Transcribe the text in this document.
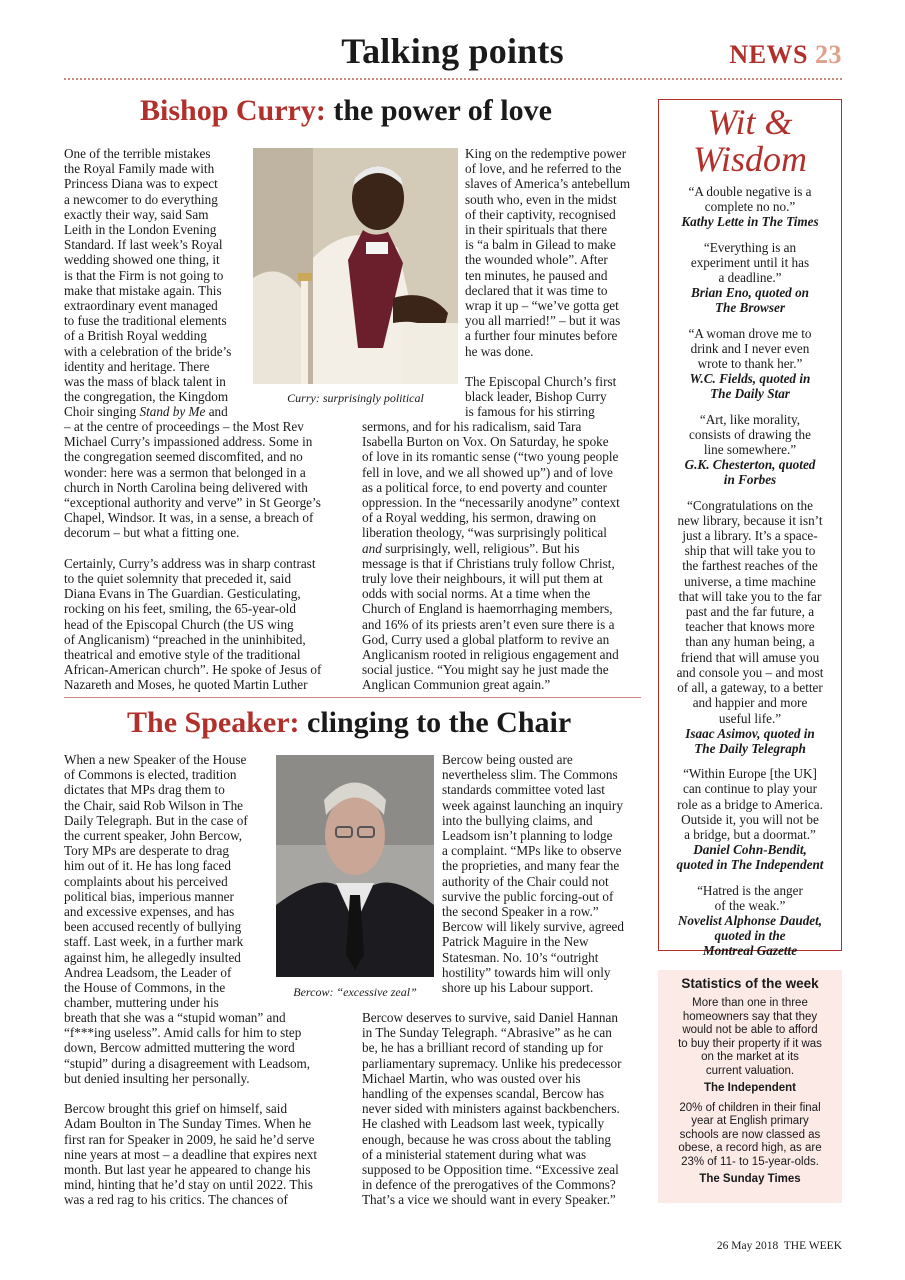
Talking points	NEWS 23
Bishop Curry: the power of love
Curry: surprisingly political
One of the terrible mistakes
the Royal Family made with
Princess Diana was to expect
a newcomer to do everything
exactly their way, said Sam
Leith in the London Evening
Standard. If last week’s Royal
wedding showed one thing, it
is that the Firm is not going to
make that mistake again. This
extraordinary event managed
to fuse the traditional elements
of a British Royal wedding
with a celebration of the bride’s
identity and heritage. There
was the mass of black talent in
the congregation, the Kingdom
Choir singing Stand by Me and
– at the centre of proceedings – the Most Rev
Michael Curry’s impassioned address. Some in
the congregation seemed discomfited, and no
wonder: here was a sermon that belonged in a
church in North Carolina being delivered with
“exceptional authority and verve” in St George’s
Chapel, Windsor. It was, in a sense, a breach of
decorum – but what a fitting one.
Certainly, Curry’s address was in sharp contrast
to the quiet solemnity that preceded it, said
Diana Evans in The Guardian. Gesticulating,
rocking on his feet, smiling, the 65-year-old
head of the Episcopal Church (the US wing
of Anglicanism) “preached in the uninhibited,
theatrical and emotive style of the traditional
African-American church”. He spoke of Jesus of
Nazareth and Moses, he quoted Martin Luther
King on the redemptive power
of love, and he referred to the
slaves of America’s antebellum
south who, even in the midst
of their captivity, recognised
in their spirituals that there
is “a balm in Gilead to make
the wounded whole”. After
ten minutes, he paused and
declared that it was time to
wrap it up – “we’ve gotta get
you all married!” – but it was
a further four minutes before
he was done.
The Episcopal Church’s first
black leader, Bishop Curry
is famous for his stirring
sermons, and for his radicalism, said Tara
Isabella Burton on Vox. On Saturday, he spoke
of love in its romantic sense (“two young people
fell in love, and we all showed up”) and of love
as a political force, to end poverty and counter
oppression. In the “necessarily anodyne” context
of a Royal wedding, his sermon, drawing on
liberation theology, “was surprisingly political
and surprisingly, well, religious”. But his
message is that if Christians truly follow Christ,
truly love their neighbours, it will put them at
odds with social norms. At a time when the
Church of England is haemorrhaging members,
and 16% of its priests aren’t even sure there is a
God, Curry used a global platform to revive an
Anglicanism rooted in religious engagement and
social justice. “You might say he just made the
Anglican Communion great again.”
The Speaker: clinging to the Chair
Bercow: “excessive zeal”
When a new Speaker of the House
of Commons is elected, tradition
dictates that MPs drag them to
the Chair, said Rob Wilson in The
Daily Telegraph. But in the case of
the current speaker, John Bercow,
Tory MPs are desperate to drag
him out of it. He has long faced
complaints about his perceived
political bias, imperious manner
and excessive expenses, and has
been accused recently of bullying
staff. Last week, in a further mark
against him, he allegedly insulted
Andrea Leadsom, the Leader of
the House of Commons, in the
chamber, muttering under his
breath that she was a “stupid woman” and
“f***ing useless”. Amid calls for him to step
down, Bercow admitted muttering the word
“stupid” during a disagreement with Leadsom,
but denied insulting her personally.
Bercow brought this grief on himself, said
Adam Boulton in The Sunday Times. When he
first ran for Speaker in 2009, he said he’d serve
nine years at most – a deadline that expires next
month. But last year he appeared to change his
mind, hinting that he’d stay on until 2022. This
was a red rag to his critics. The chances of
Bercow being ousted are
nevertheless slim. The Commons
standards committee voted last
week against launching an inquiry
into the bullying claims, and
Leadsom isn’t planning to lodge
a complaint. “MPs like to observe
the proprieties, and many fear the
authority of the Chair could not
survive the public forcing-out of
the second Speaker in a row.”
Bercow will likely survive, agreed
Patrick Maguire in the New
Statesman. No. 10’s “outright
hostility” towards him will only
shore up his Labour support.
Bercow deserves to survive, said Daniel Hannan
in The Sunday Telegraph. “Abrasive” as he can
be, he has a brilliant record of standing up for
parliamentary supremacy. Unlike his predecessor
Michael Martin, who was ousted over his
handling of the expenses scandal, Bercow has
never sided with ministers against backbenchers.
He clashed with Leadsom last week, typically
enough, because he was cross about the tabling
of a ministerial statement during what was
supposed to be Opposition time. “Excessive zeal
in defence of the prerogatives of the Commons?
That’s a vice we should want in every Speaker.”
Wit &
Wisdom
“A double negative is a
complete no no.”
Kathy Lette in The Times
“Everything is an
experiment until it has
a deadline.”
Brian Eno, quoted on
The Browser
“A woman drove me to
drink and I never even
wrote to thank her.”
W.C. Fields, quoted in
The Daily Star
“Art, like morality,
consists of drawing the
line somewhere.”
G.K. Chesterton, quoted
in Forbes
“Congratulations on the
new library, because it isn’t
just a library. It’s a space-
ship that will take you to
the farthest reaches of the
universe, a time machine
that will take you to the far
past and the far future, a
teacher that knows more
than any human being, a
friend that will amuse you
and console you – and most
of all, a gateway, to a better
and happier and more
useful life.”
Isaac Asimov, quoted in
The Daily Telegraph
“Within Europe [the UK]
can continue to play your
role as a bridge to America.
Outside it, you will not be
a bridge, but a doormat.”
Daniel Cohn-Bendit,
quoted in The Independent
“Hatred is the anger
of the weak.”
Novelist Alphonse Daudet,
quoted in the
Montreal Gazette
Statistics of the week
More than one in three
homeowners say that they
would not be able to afford
to buy their property if it was
on the market at its
current valuation.
The Independent
20% of children in their final
year at English primary
schools are now classed as
obese, a record high, as are
23% of 11- to 15-year-olds.
The Sunday Times
26 May 2018 THE WEEK
